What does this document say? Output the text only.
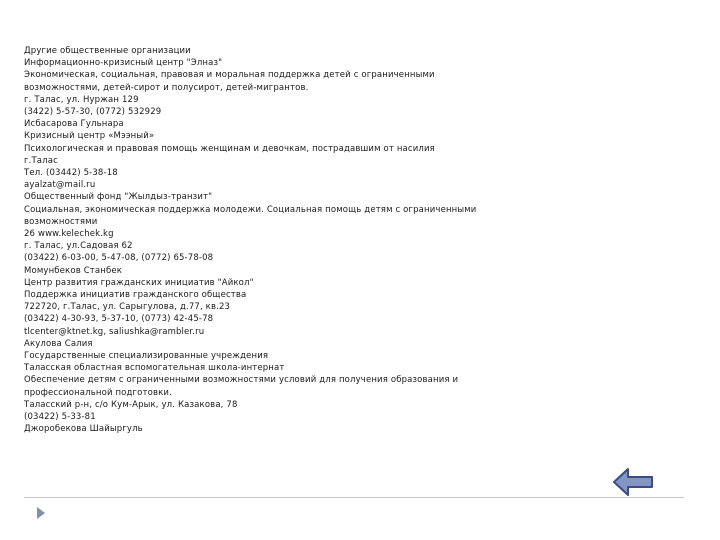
Другие общественные организации
Информационно-кризисный центр "Элназ"
Экономическая, социальная, правовая и моральная поддержка детей с ограниченными
возможностями, детей-сирот и полусирот, детей-мигрантов.
г. Талас, ул. Нуржан 129
(3422) 5-57-30, (0772) 532929
Исбасарова Гульнара
Кризисный центр «Мээный»
Психологическая и правовая помощь женщинам и девочкам, пострадавшим от насилия
г.Талас
Тел. (03442) 5-38-18
ayalzat@mail.ru
Общественный фонд "Жылдыз-транзит"
Социальная, экономическая поддержка молодежи. Социальная помощь детям с ограниченными
возможностями
26 www.kelechek.kg
г. Талас, ул.Садовая 62
(03422) 6-03-00, 5-47-08, (0772) 65-78-08
Момунбеков Станбек
Центр развития гражданских инициатив "Айкол"
Поддержка инициатив гражданского общества
722720, г.Талас, ул. Сарыгулова, д.77, кв.23
(03422) 4-30-93, 5-37-10, (0773) 42-45-78
tlcenter@ktnet.kg, saliushka@rambler.ru
Акулова Салия
Государственные специализированные учреждения
Таласская областная вспомогательная школа-интернат
Обеспечение детям с ограниченными возможностями условий для получения образования и
профессиональной подготовки.
Таласский р-н, с/о Кум-Арык, ул. Казакова, 78
(03422) 5-33-81
Джоробекова Шайыргуль
